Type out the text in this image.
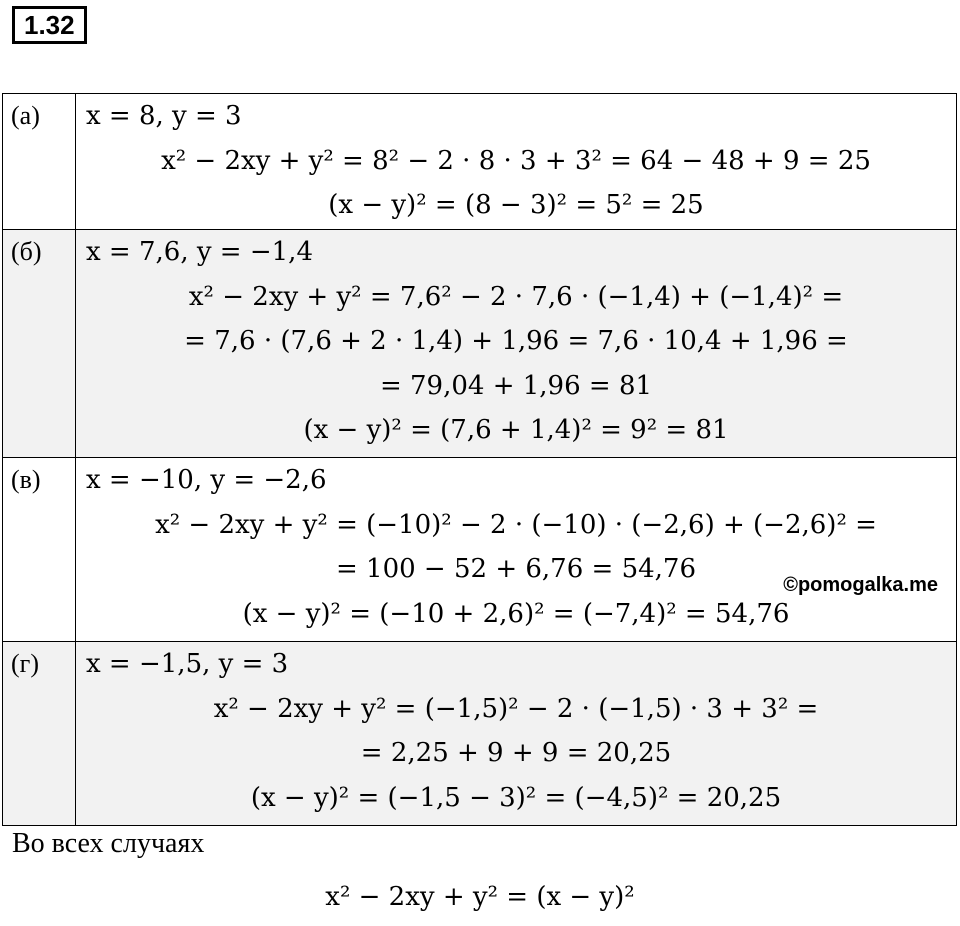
1.32
(а)	x = 8, y = 3
x² − 2xy + y² = 8² − 2 · 8 · 3 + 3² = 64 − 48 + 9 = 25
(x − y)² = (8 − 3)² = 5² = 25
(б)	x = 7,6, y = −1,4
x² − 2xy + y² = 7,6² − 2 · 7,6 · (−1,4) + (−1,4)² =
= 7,6 · (7,6 + 2 · 1,4) + 1,96 = 7,6 · 10,4 + 1,96 =
= 79,04 + 1,96 = 81
(x − y)² = (7,6 + 1,4)² = 9² = 81
(в)	x = −10, y = −2,6
x² − 2xy + y² = (−10)² − 2 · (−10) · (−2,6) + (−2,6)² =
= 100 − 52 + 6,76 = 54,76
(x − y)² = (−10 + 2,6)² = (−7,4)² = 54,76
©pomogalka.me
(г)	x = −1,5, y = 3
x² − 2xy + y² = (−1,5)² − 2 · (−1,5) · 3 + 3² =
= 2,25 + 9 + 9 = 20,25
(x − y)² = (−1,5 − 3)² = (−4,5)² = 20,25
Во всех случаях
x² − 2xy + y² = (x − y)²
